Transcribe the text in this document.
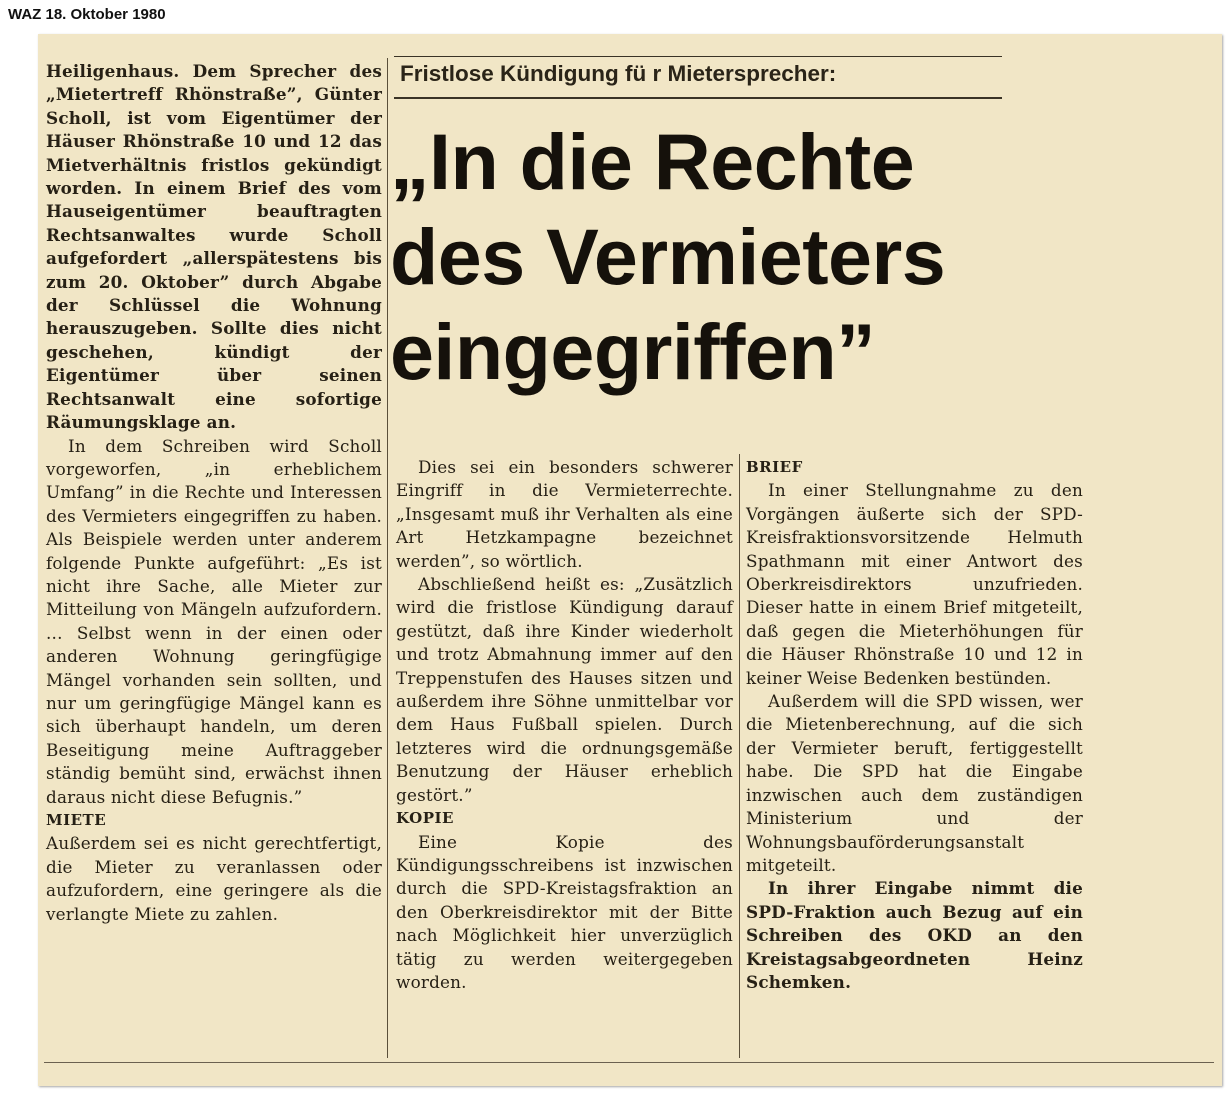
WAZ 18. Oktober 1980
Fristlose Kündigung fü r Mietersprecher:
„In die Rechte
des Vermieters
eingegriffen”

Heiligenhaus. Dem Sprecher des „Mietertreff Rhönstraße”, Günter Scholl, ist vom Eigentümer der Häuser Rhönstraße 10 und 12 das Mietverhältnis fristlos gekündigt worden. In einem Brief des vom Hauseigentümer beauftragten Rechtsanwaltes wurde Scholl aufgefordert „allerspätestens bis zum 20. Oktober” durch Abgabe der Schlüssel die Wohnung herauszugeben. Sollte dies nicht geschehen, kündigt der Eigentümer über seinen Rechtsanwalt eine sofortige Räumungsklage an.

In dem Schreiben wird Scholl vorgeworfen, „in erheblichem Umfang” in die Rechte und Interessen des Vermieters eingegriffen zu haben. Als Beispiele werden unter anderem folgende Punkte aufgeführt: „Es ist nicht ihre Sache, alle Mieter zur Mitteilung von Mängeln aufzufordern. ... Selbst wenn in der einen oder anderen Wohnung geringfügige Mängel vorhanden sein sollten, und nur um geringfügige Mängel kann es sich überhaupt handeln, um deren Beseitigung meine Auftraggeber ständig bemüht sind, erwächst ihnen daraus nicht diese Befugnis.”

MIETE

Außerdem sei es nicht gerechtfertigt, die Mieter zu veranlassen oder aufzufordern, eine geringere als die verlangte Miete zu zahlen.

Dies sei ein besonders schwerer Eingriff in die Vermieterrechte. „Insgesamt muß ihr Verhalten als eine Art Hetzkampagne bezeichnet werden”, so wörtlich.

Abschließend heißt es: „Zusätzlich wird die fristlose Kündigung darauf gestützt, daß ihre Kinder wiederholt und trotz Abmahnung immer auf den Treppenstufen des Hauses sitzen und außerdem ihre Söhne unmittelbar vor dem Haus Fußball spielen. Durch letzteres wird die ordnungsgemäße Benutzung der Häuser erheblich gestört.”

KOPIE

Eine Kopie des Kündigungsschreibens ist inzwischen durch die SPD-Kreistagsfraktion an den Oberkreisdirektor mit der Bitte nach Möglichkeit hier unverzüglich tätig zu werden weitergegeben worden.

BRIEF

In einer Stellungnahme zu den Vorgängen äußerte sich der SPD-Kreisfraktionsvorsitzende Helmuth Spathmann mit einer Antwort des Oberkreisdirektors unzufrieden. Dieser hatte in einem Brief mitgeteilt, daß gegen die Mieterhöhungen für die Häuser Rhönstraße 10 und 12 in keiner Weise Bedenken bestünden.

Außerdem will die SPD wissen, wer die Mietenberechnung, auf die sich der Vermieter beruft, fertiggestellt habe. Die SPD hat die Eingabe inzwischen auch dem zuständigen Ministerium und der Wohnungsbauförderungsanstalt mitgeteilt.

In ihrer Eingabe nimmt die SPD-Fraktion auch Bezug auf ein Schreiben des OKD an den Kreistagsabgeordneten Heinz Schemken.
